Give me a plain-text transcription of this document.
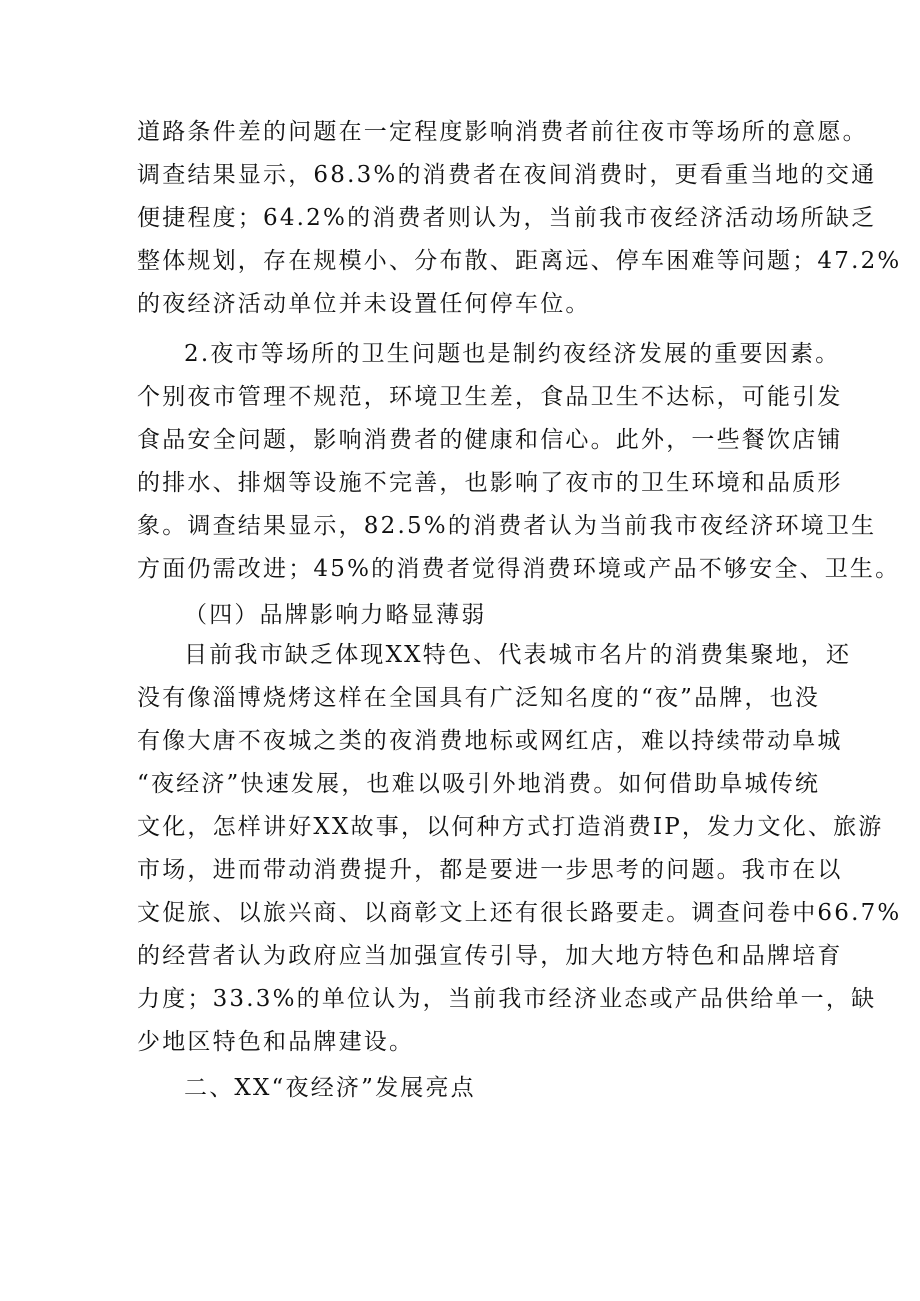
道路条件差的问题在一定程度影响消费者前往夜市等场所的意愿。
调查结果显示，68.3%的消费者在夜间消费时，更看重当地的交通
便捷程度；64.2%的消费者则认为，当前我市夜经济活动场所缺乏
整体规划，存在规模小、分布散、距离远、停车困难等问题；47.2%
的夜经济活动单位并未设置任何停车位。
2.夜市等场所的卫生问题也是制约夜经济发展的重要因素。
个别夜市管理不规范，环境卫生差，食品卫生不达标，可能引发
食品安全问题，影响消费者的健康和信心。此外，一些餐饮店铺
的排水、排烟等设施不完善，也影响了夜市的卫生环境和品质形
象。调查结果显示，82.5%的消费者认为当前我市夜经济环境卫生
方面仍需改进；45%的消费者觉得消费环境或产品不够安全、卫生。
（四）品牌影响力略显薄弱
目前我市缺乏体现XX特色、代表城市名片的消费集聚地，还
没有像淄博烧烤这样在全国具有广泛知名度的“夜”品牌，也没
有像大唐不夜城之类的夜消费地标或网红店，难以持续带动阜城
“夜经济”快速发展，也难以吸引外地消费。如何借助阜城传统
文化，怎样讲好XX故事，以何种方式打造消费IP，发力文化、旅游
市场，进而带动消费提升，都是要进一步思考的问题。我市在以
文促旅、以旅兴商、以商彰文上还有很长路要走。调查问卷中66.7%
的经营者认为政府应当加强宣传引导，加大地方特色和品牌培育
力度；33.3%的单位认为，当前我市经济业态或产品供给单一，缺
少地区特色和品牌建设。
二、XX“夜经济”发展亮点
